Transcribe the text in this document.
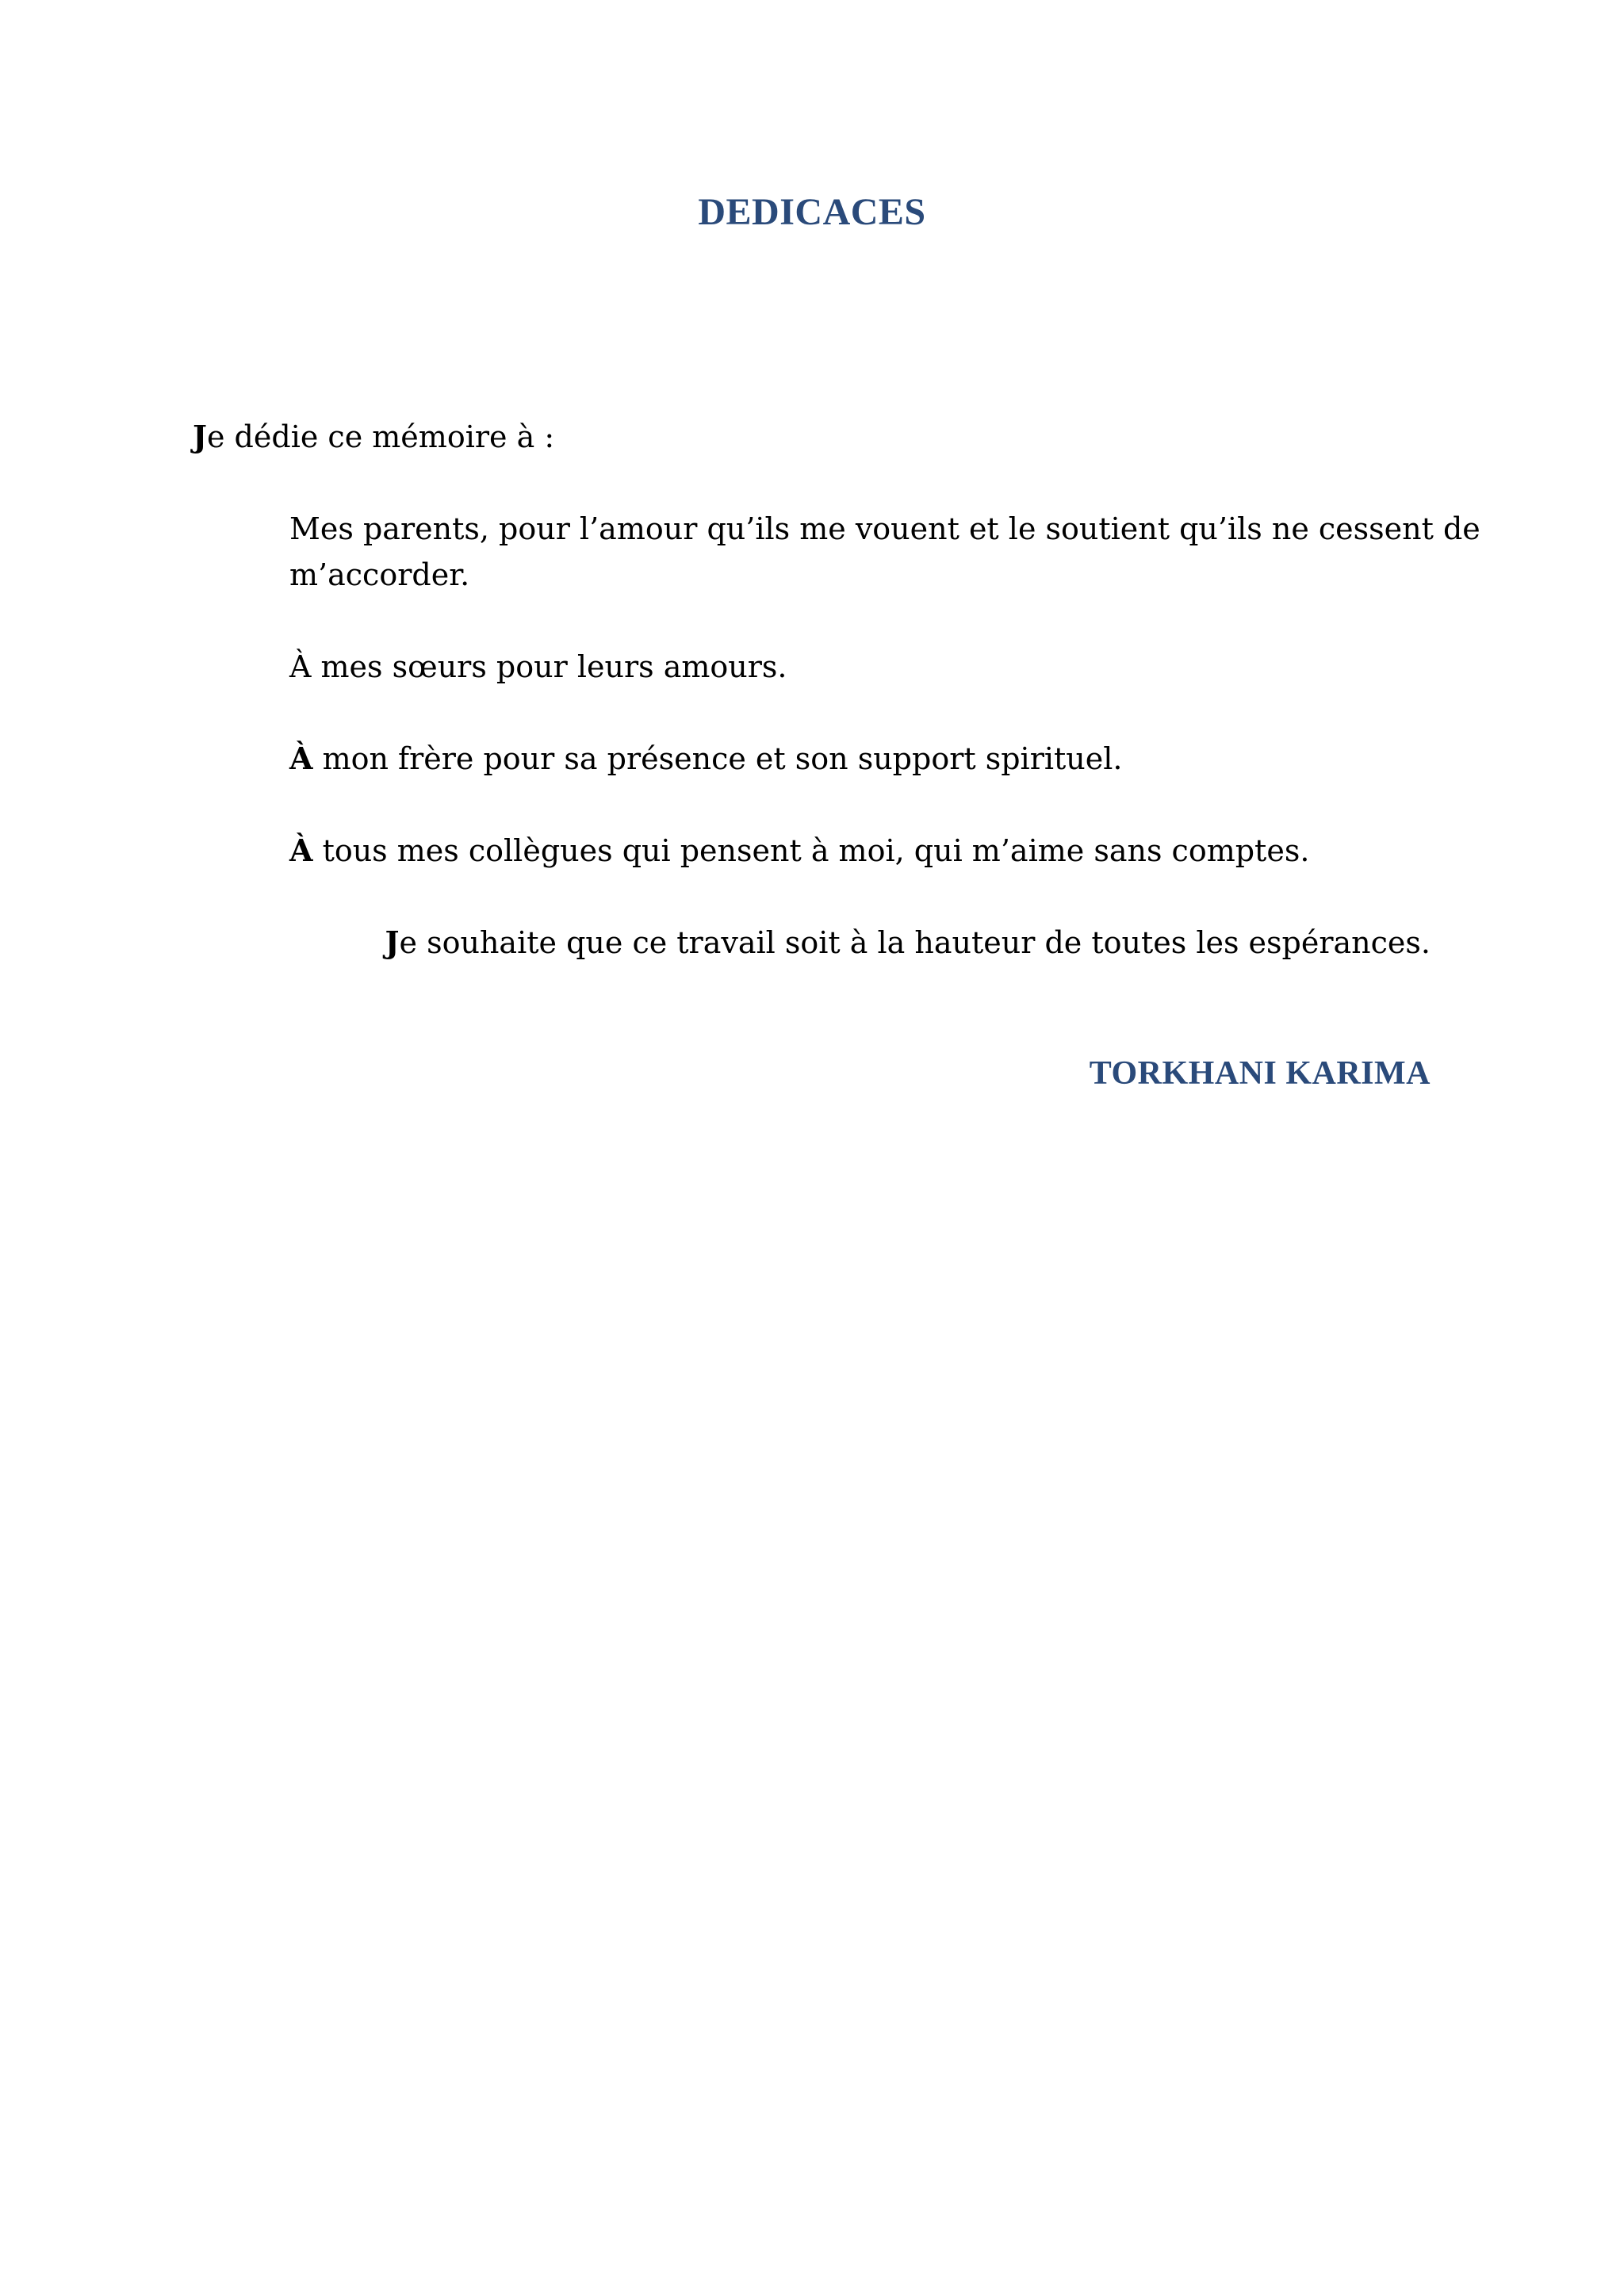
DEDICACES
Je dédie ce mémoire à :
Mes parents, pour l’amour qu’ils me vouent et le soutient qu’ils ne cessent de
m’accorder.
À mes sœurs pour leurs amours.
À mon frère pour sa présence et son support spirituel.
À tous mes collègues qui pensent à moi, qui m’aime sans comptes.
Je souhaite que ce travail soit à la hauteur de toutes les espérances.
TORKHANI KARIMA
